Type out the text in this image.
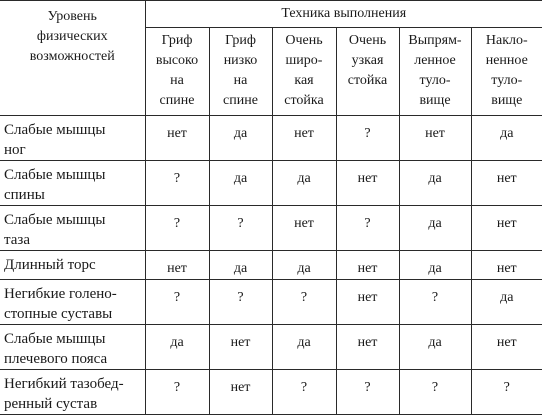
Уровень
физических
возможностей	Техника выполнения					

	Гриф
высоко
на
спине	Гриф
низко
на
спине	Очень
широ-
кая
стойка	Очень
узкая
стойка	Выпрям-
ленное
туло-
вище	Накло-
ненное
туло-
вище

Слабые мышцы
ног	нет	да	нет	?	нет	да

Слабые мышцы
спины	?	да	да	нет	да	нет

Слабые мышцы
таза	?	?	нет	?	да	нет

Длинный торс	нет	да	да	нет	да	нет

Негибкие голено-
стопные суставы	?	?	?	нет	?	да

Слабые мышцы
плечевого пояса	да	нет	да	нет	да	нет

Негибкий тазобед-
ренный сустав	?	нет	?	?	?	?
